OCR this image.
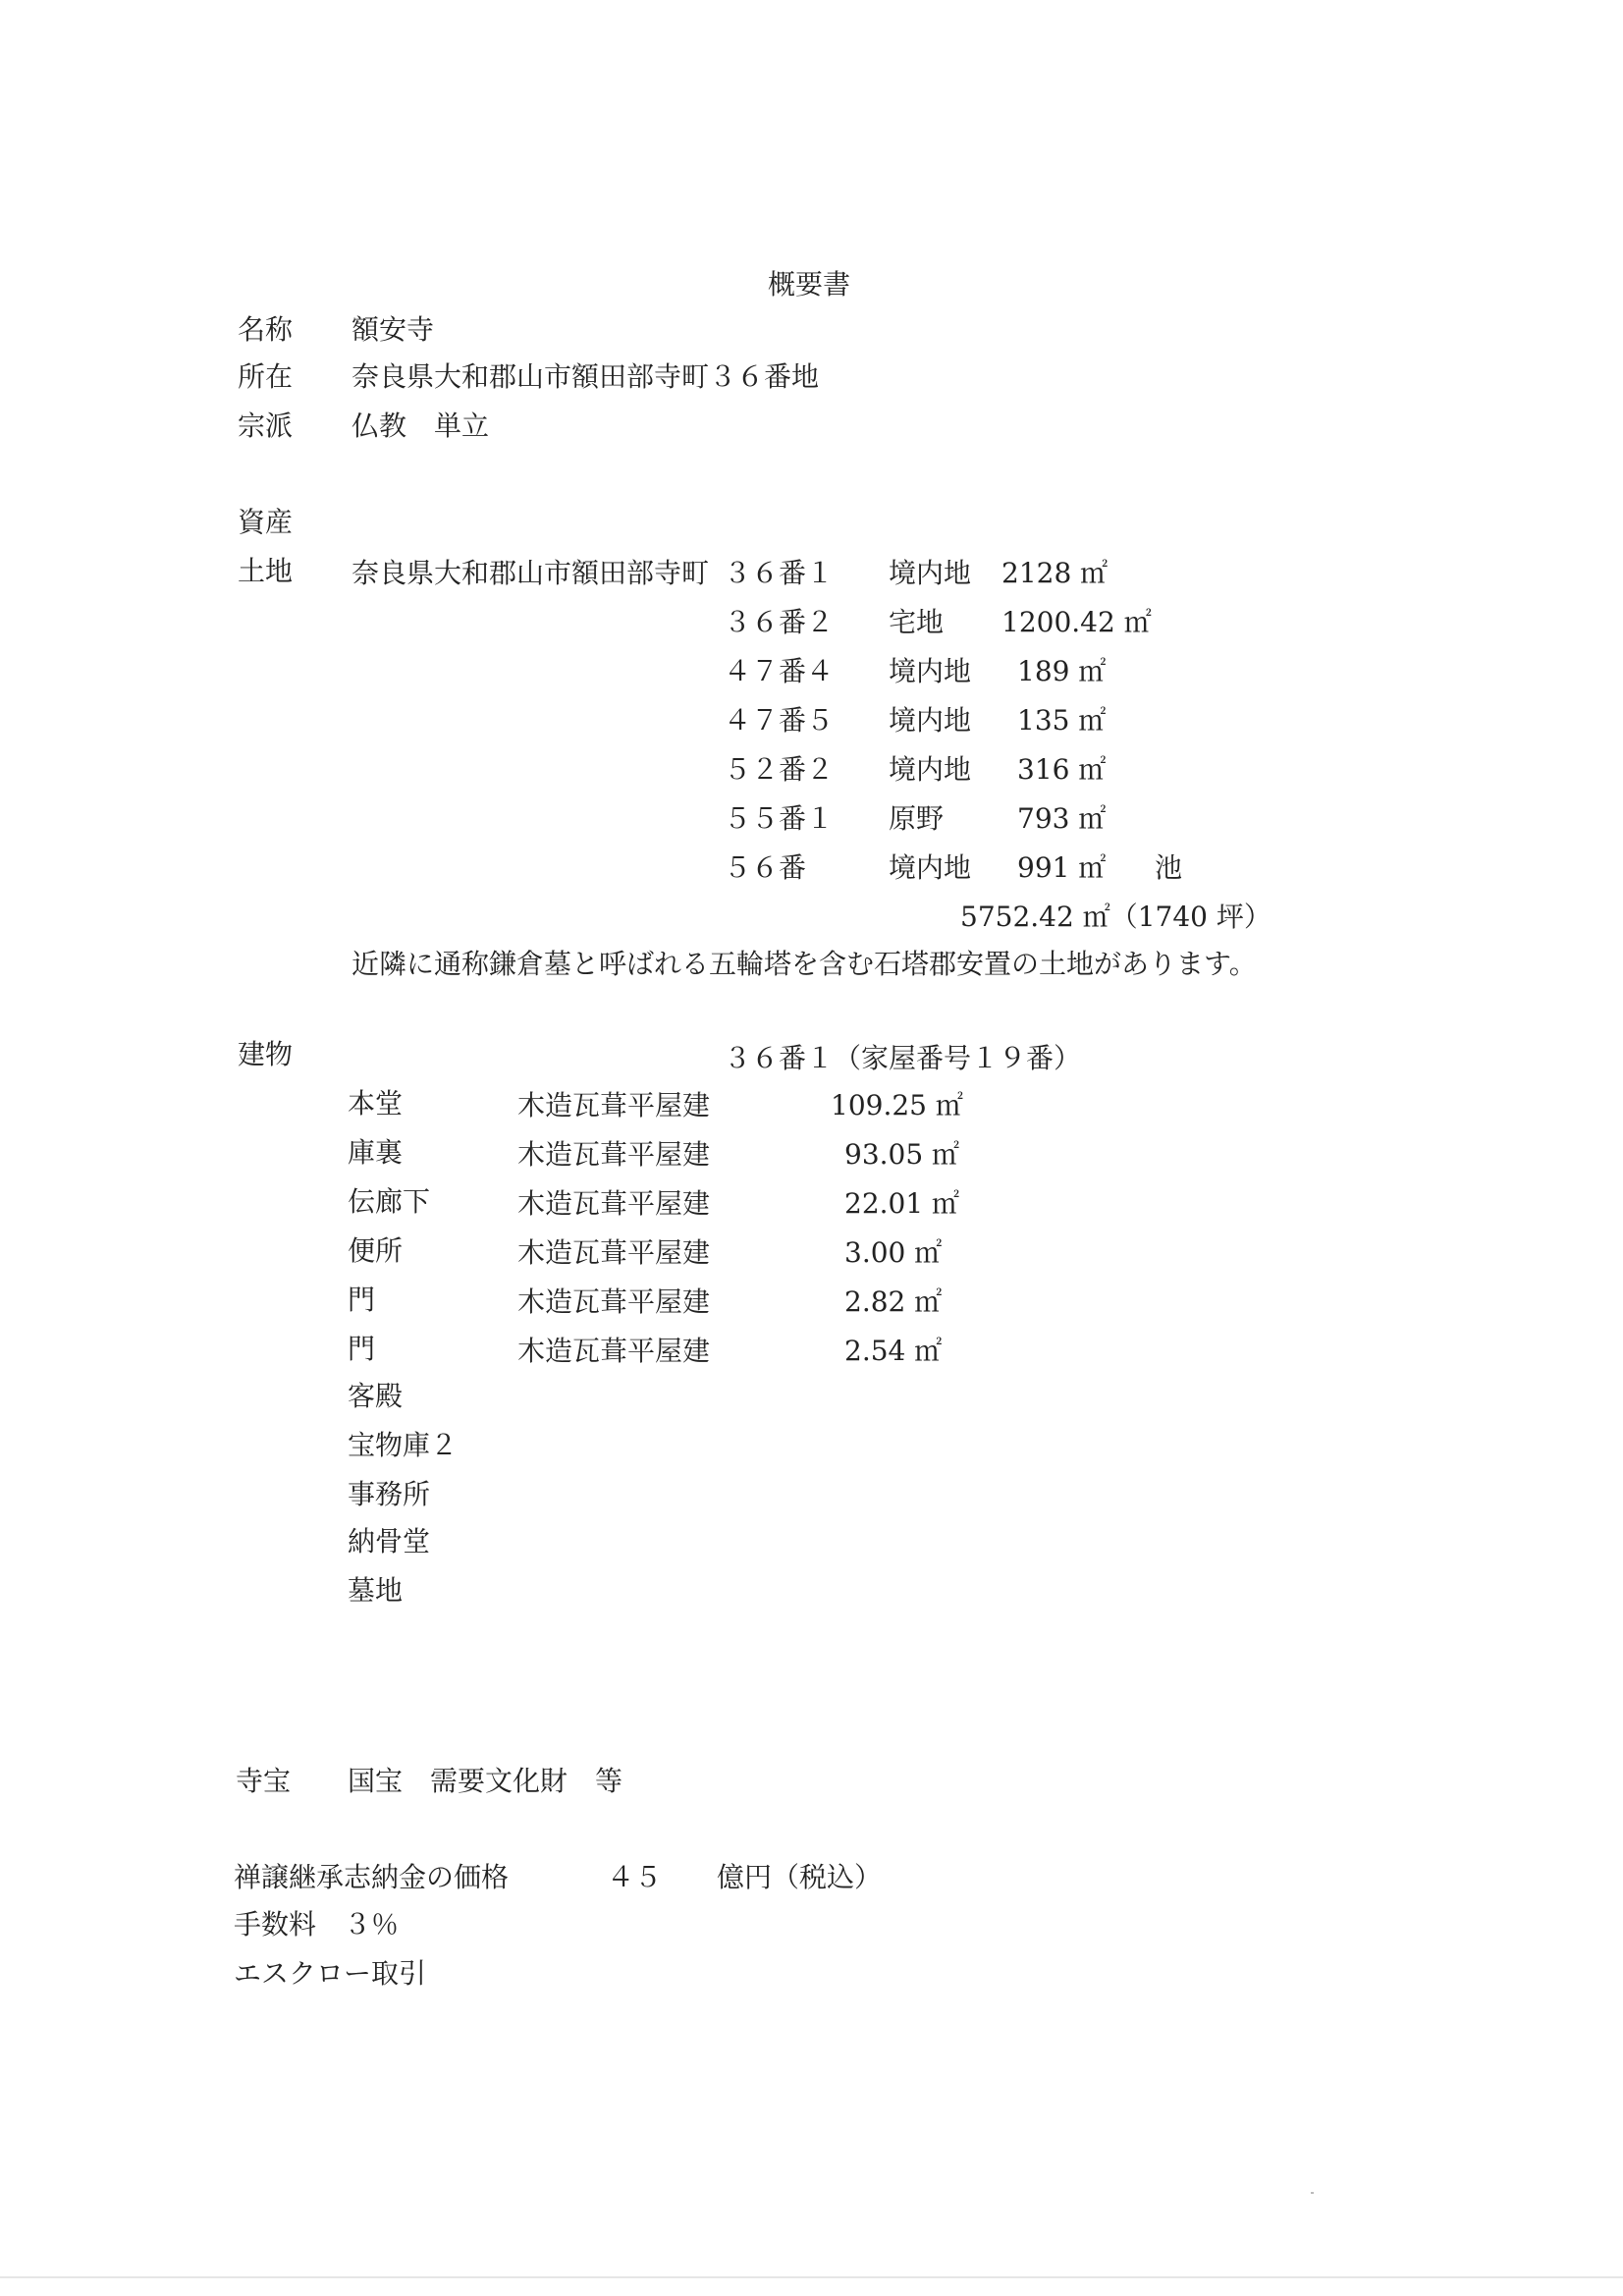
概要書
名称 額安寺
所在 奈良県大和郡山市額田部寺町３６番地
宗派 仏教　単立
資産
土地 奈良県大和郡山市額田部寺町 ３６番１ 境内地 2128 ㎡
３６番２ 宅地 1200.42 ㎡
４７番４ 境内地 189 ㎡
４７番５ 境内地 135 ㎡
５２番２ 境内地 316 ㎡
５５番１ 原野	793 ㎡
５６番	境内地 991 ㎡ 池
5752.42 ㎡（1740 坪）
近隣に通称鎌倉墓と呼ばれる五輪塔を含む石塔郡安置の土地があります。
建物	３６番１（家屋番号１９番）
本堂	木造瓦葺平屋建	109.25 ㎡
庫裏	木造瓦葺平屋建	93.05 ㎡
伝廊下	木造瓦葺平屋建	22.01 ㎡
便所	木造瓦葺平屋建	3.00 ㎡
門	木造瓦葺平屋建	2.82 ㎡
門	木造瓦葺平屋建	2.54 ㎡
客殿
宝物庫２
事務所
納骨堂
墓地
寺宝 国宝　需要文化財　等
禅譲継承志納金の価格	４５ 億円（税込）
手数料　３％
エスクロー取引
